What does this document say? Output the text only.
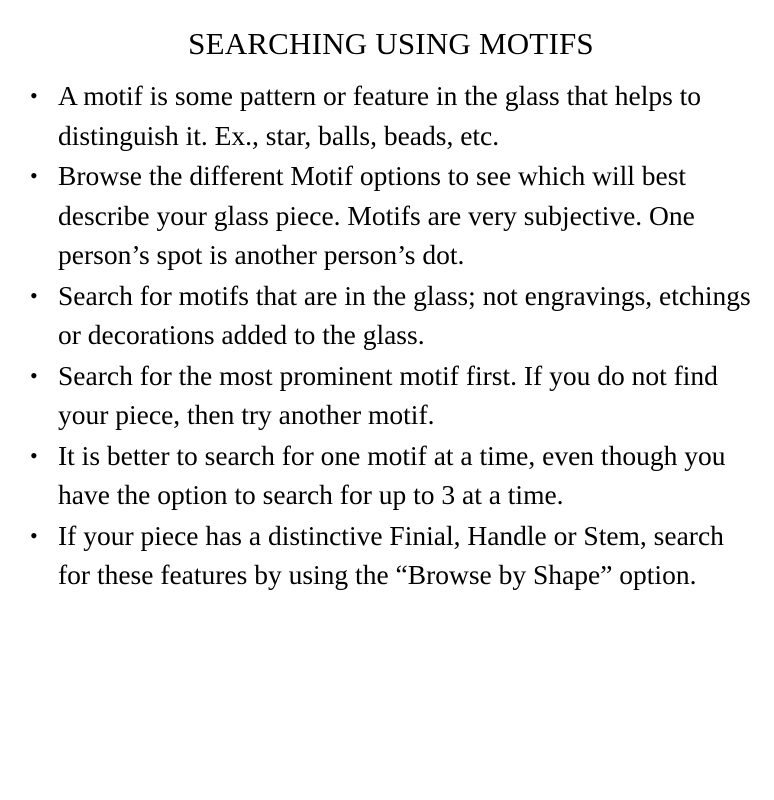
SEARCHING USING MOTIFS
• A motif is some pattern or feature in the glass that helps to distinguish it. Ex., star, balls, beads, etc.
• Browse the different Motif options to see which will best describe your glass piece. Motifs are very subjective. One person’s spot is another person’s dot.
• Search for motifs that are in the glass; not engravings, etchings or decorations added to the glass.
• Search for the most prominent motif first. If you do not find your piece, then try another motif.
• It is better to search for one motif at a time, even though you have the option to search for up to 3 at a time.
• If your piece has a distinctive Finial, Handle or Stem, search for these features by using the “Browse by Shape” option.
